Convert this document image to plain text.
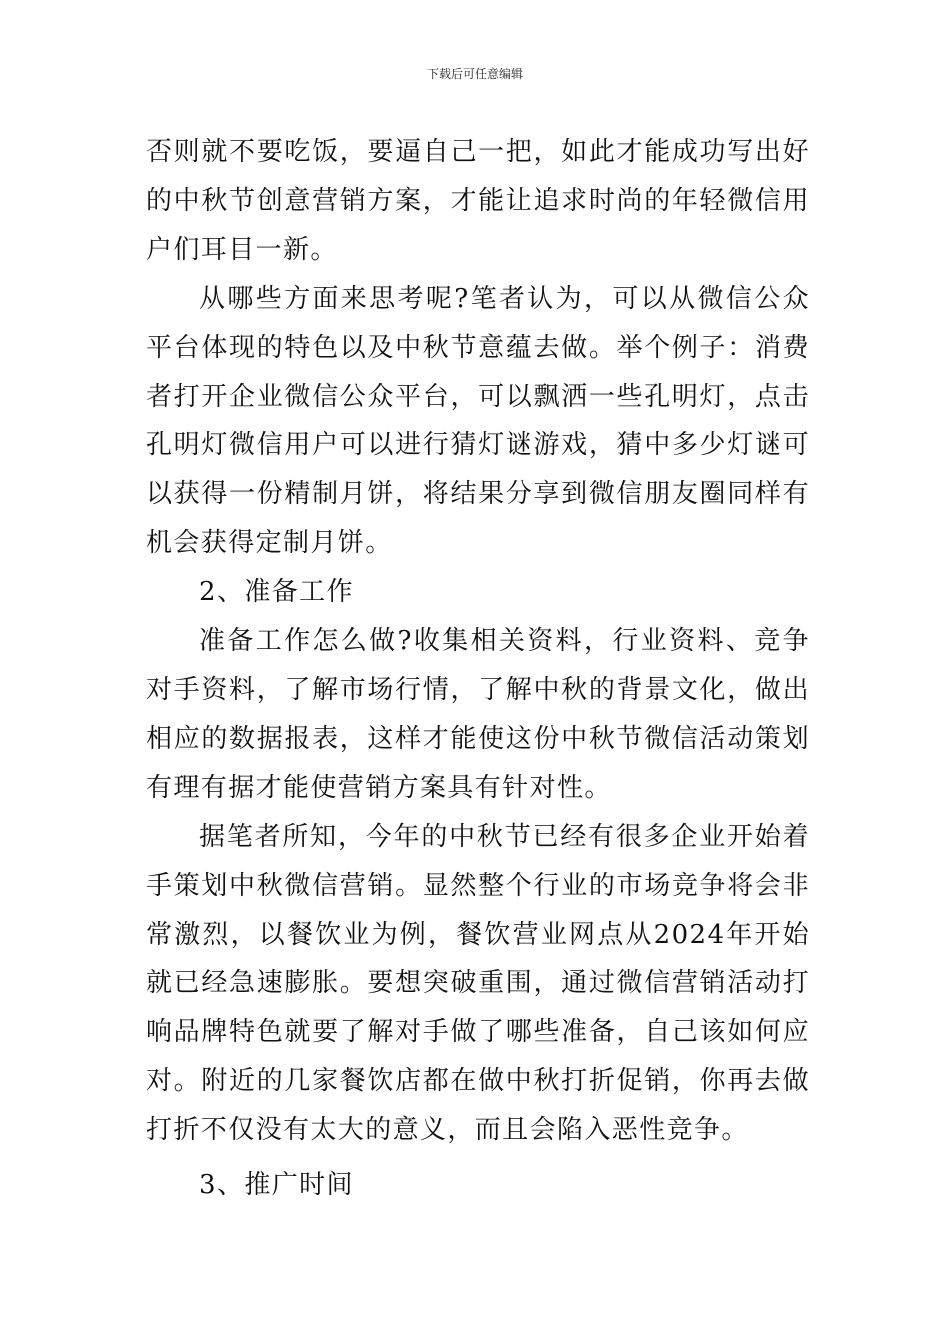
下载后可任意编辑

否则就不要吃饭，要逼自己一把，如此才能成功写出好的中秋节创意营销方案，才能让追求时尚的年轻微信用户们耳目一新。

从哪些方面来思考呢?笔者认为，可以从微信公众平台体现的特色以及中秋节意蕴去做。举个例子：消费者打开企业微信公众平台，可以飘洒一些孔明灯，点击孔明灯微信用户可以进行猜灯谜游戏，猜中多少灯谜可以获得一份精制月饼，将结果分享到微信朋友圈同样有机会获得定制月饼。

2、准备工作

准备工作怎么做?收集相关资料，行业资料、竞争对手资料，了解市场行情，了解中秋的背景文化，做出相应的数据报表，这样才能使这份中秋节微信活动策划有理有据才能使营销方案具有针对性。

据笔者所知，今年的中秋节已经有很多企业开始着手策划中秋微信营销。显然整个行业的市场竞争将会非常激烈，以餐饮业为例，餐饮营业网点从2024年开始就已经急速膨胀。要想突破重围，通过微信营销活动打响品牌特色就要了解对手做了哪些准备，自己该如何应对。附近的几家餐饮店都在做中秋打折促销，你再去做打折不仅没有太大的意义，而且会陷入恶性竞争。

3、推广时间
